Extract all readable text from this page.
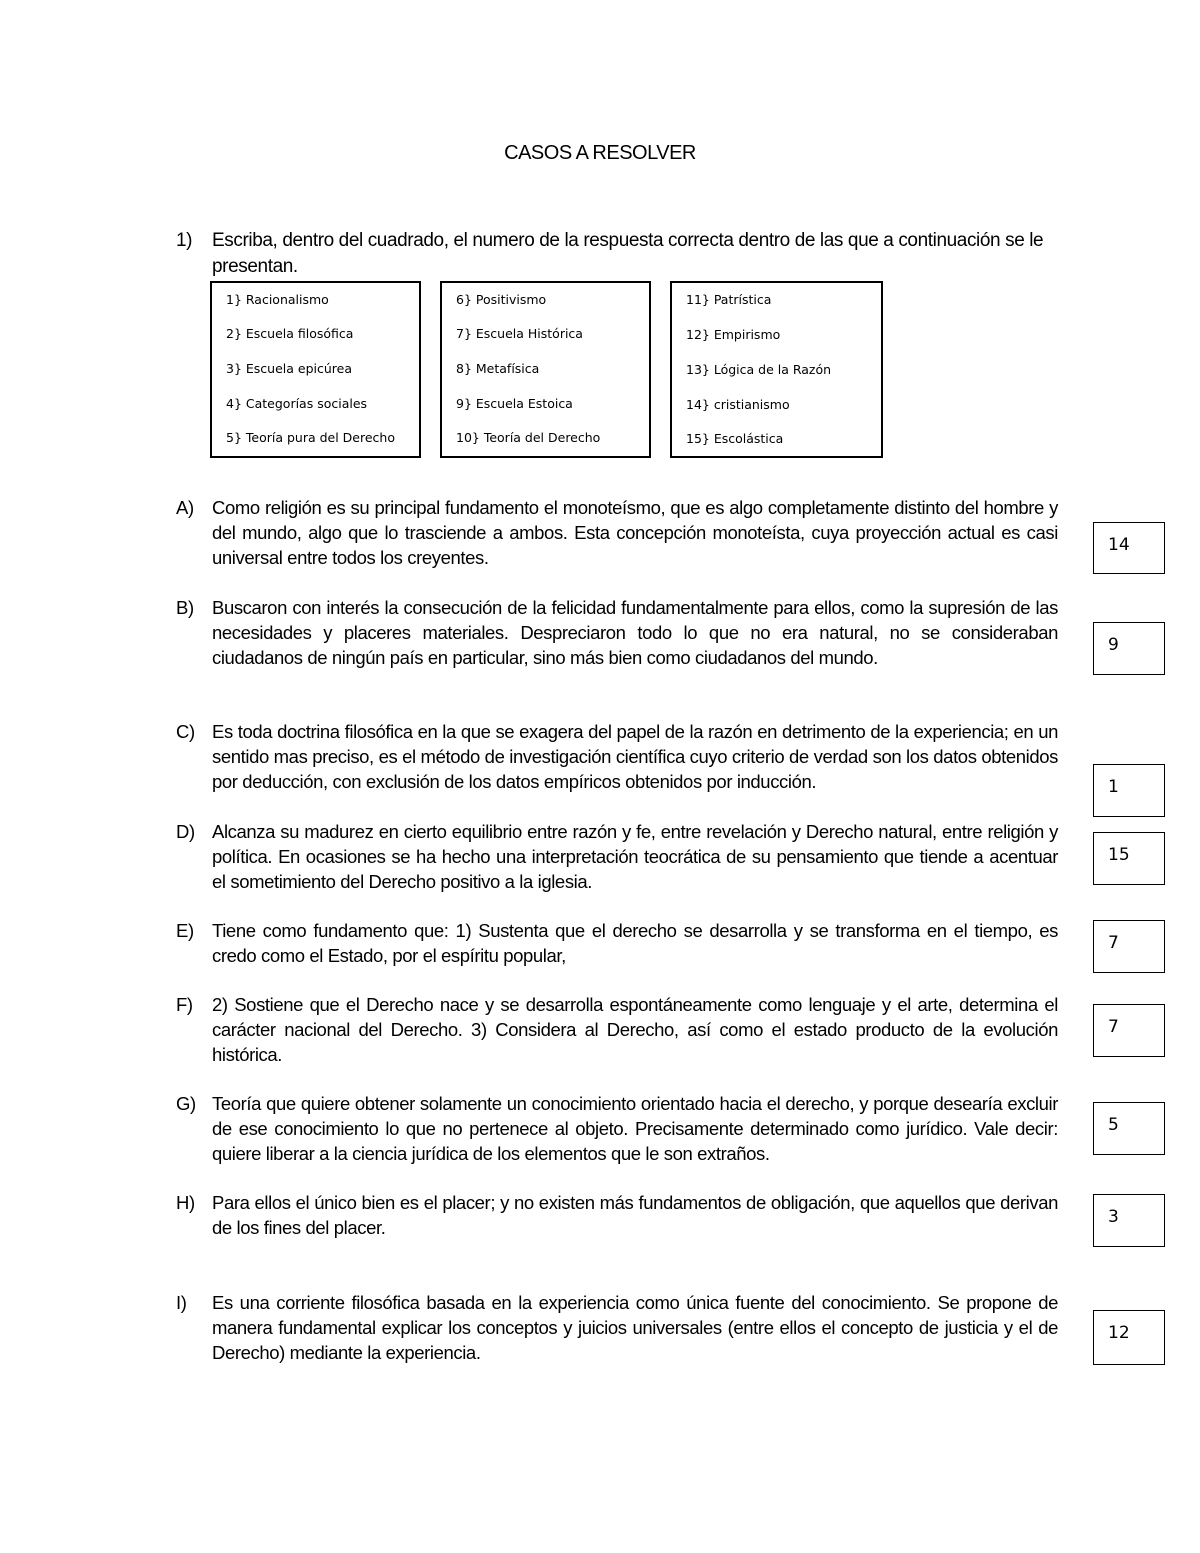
CASOS A RESOLVER
1) Escriba, dentro del cuadrado, el numero de la respuesta correcta dentro de las que a continuación se le presentan.
1} Racionalismo
2} Escuela filosófica
3} Escuela epicúrea
4} Categorías sociales
5} Teoría pura del Derecho
6} Positivismo
7} Escuela Histórica
8} Metafísica
9} Escuela Estoica
10} Teoría del Derecho
11} Patrística
12} Empirismo
13} Lógica de la Razón
14} cristianismo
15} Escolástica
A) Como religión es su principal fundamento el monoteísmo, que es algo completamente distinto del hombre y del mundo, algo que lo trasciende a ambos. Esta concepción monoteísta, cuya proyección actual es casi universal entre todos los creyentes.
14
B) Buscaron con interés la consecución de la felicidad fundamentalmente para ellos, como la supresión de las necesidades y placeres materiales. Despreciaron todo lo que no era natural, no se consideraban ciudadanos de ningún país en particular, sino más bien como ciudadanos del mundo.
9
C) Es toda doctrina filosófica en la que se exagera del papel de la razón en detrimento de la experiencia; en un sentido mas preciso, es el método de investigación científica cuyo criterio de verdad son los datos obtenidos por deducción, con exclusión de los datos empíricos obtenidos por inducción.	1
D) Alcanza su madurez en cierto equilibrio entre razón y fe, entre revelación y Derecho natural, entre religión y política. En ocasiones se ha hecho una interpretación teocrática de su pensamiento que tiende a acentuar el sometimiento del Derecho positivo a la iglesia.
15
E) Tiene como fundamento que: 1) Sustenta que el derecho se desarrolla y se transforma en el tiempo, es credo como el Estado, por el espíritu popular,
7
F) 2) Sostiene que el Derecho nace y se desarrolla espontáneamente como lenguaje y el arte, determina el carácter nacional del Derecho. 3) Considera al Derecho, así como el estado producto de la evolución histórica.
7
G) Teoría que quiere obtener solamente un conocimiento orientado hacia el derecho, y porque desearía excluir de ese conocimiento lo que no pertenece al objeto. Precisamente determinado como jurídico. Vale decir: quiere liberar a la ciencia jurídica de los elementos que le son extraños.
5
H) Para ellos el único bien es el placer; y no existen más fundamentos de obligación, que aquellos que derivan de los fines del placer.	3
I) Es una corriente filosófica basada en la experiencia como única fuente del conocimiento. Se propone de manera fundamental explicar los conceptos y juicios universales (entre ellos el concepto de justicia y el de Derecho) mediante la experiencia.
12
